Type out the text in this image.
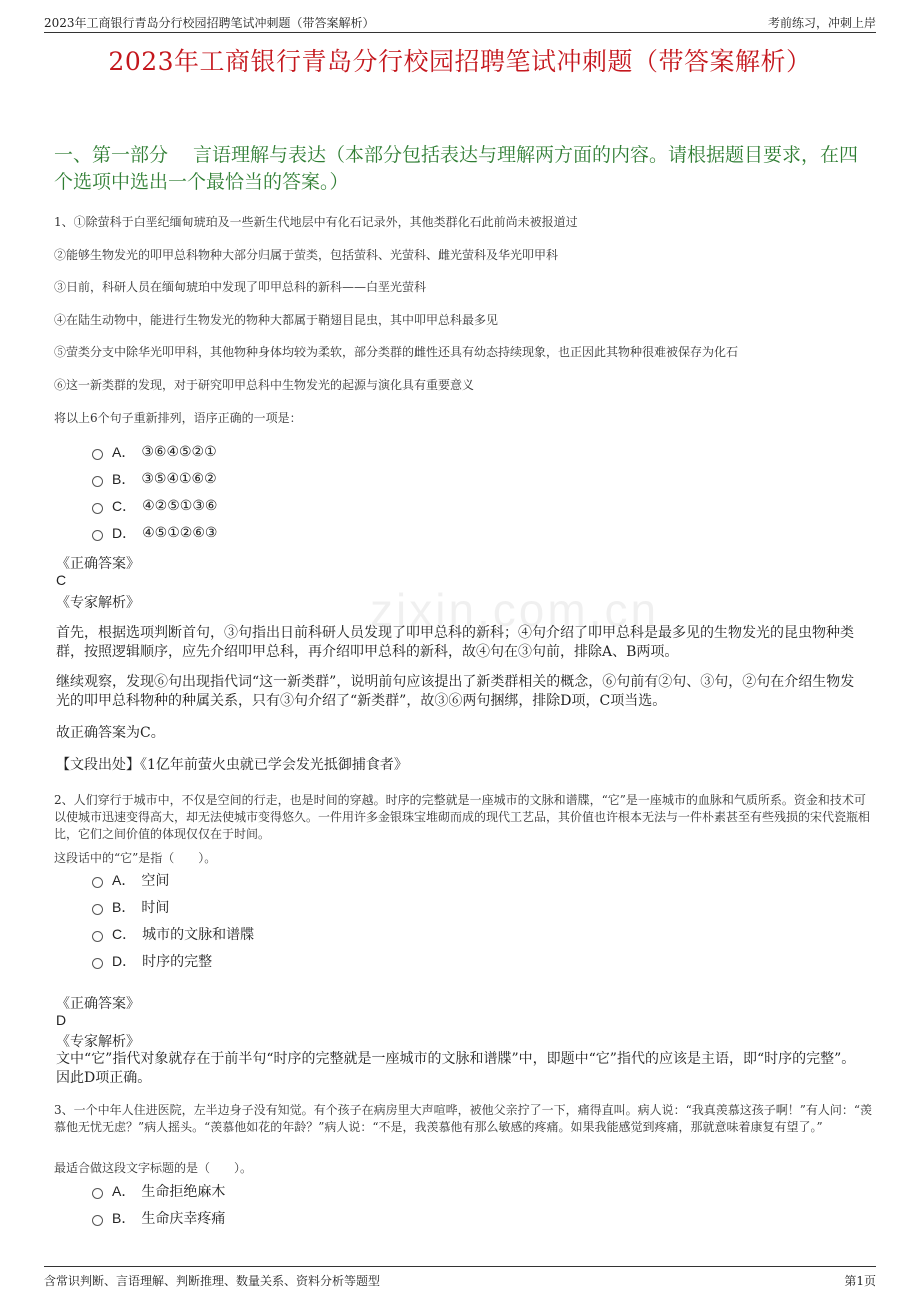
2023年工商银行青岛分行校园招聘笔试冲刺题（带答案解析）	考前练习，冲刺上岸
2023年工商银行青岛分行校园招聘笔试冲刺题（带答案解析）
一、第一部分　 言语理解与表达（本部分包括表达与理解两方面的内容。请根据题目要求，在四个选项中选出一个最恰当的答案。）
zixin.com.cn
1、①除萤科于白垩纪缅甸琥珀及一些新生代地层中有化石记录外，其他类群化石此前尚未被报道过
②能够生物发光的叩甲总科物种大部分归属于萤类，包括萤科、光萤科、雌光萤科及华光叩甲科
③日前，科研人员在缅甸琥珀中发现了叩甲总科的新科——白垩光萤科
④在陆生动物中，能进行生物发光的物种大都属于鞘翅目昆虫，其中叩甲总科最多见
⑤萤类分支中除华光叩甲科，其他物种身体均较为柔软，部分类群的雌性还具有幼态持续现象，也正因此其物种很难被保存为化石
⑥这一新类群的发现，对于研究叩甲总科中生物发光的起源与演化具有重要意义
将以上6个句子重新排列，语序正确的一项是：
A． ③⑥④⑤②①
B． ③⑤④①⑥②
C． ④②⑤①③⑥
D． ④⑤①②⑥③
《正确答案》
C
《专家解析》
首先，根据选项判断首句，③句指出日前科研人员发现了叩甲总科的新科；④句介绍了叩甲总科是最多见的生物发光的昆虫物种类群，按照逻辑顺序，应先介绍叩甲总科，再介绍叩甲总科的新科，故④句在③句前，排除A、B两项。
继续观察，发现⑥句出现指代词“这一新类群”，说明前句应该提出了新类群相关的概念，⑥句前有②句、③句，②句在介绍生物发光的叩甲总科物种的种属关系，只有③句介绍了“新类群”，故③⑥两句捆绑，排除D项，C项当选。
故正确答案为C。
【文段出处】《1亿年前萤火虫就已学会发光抵御捕食者》
2、人们穿行于城市中，不仅是空间的行走，也是时间的穿越。时序的完整就是一座城市的文脉和谱牒，“它”是一座城市的血脉和气质所系。资金和技术可以使城市迅速变得高大，却无法使城市变得悠久。一件用许多金银珠宝堆砌而成的现代工艺品，其价值也许根本无法与一件朴素甚至有些残损的宋代瓷瓶相比，它们之间价值的体现仅仅在于时间。
这段话中的“它”是指（　　）。
A． 空间
B． 时间
C． 城市的文脉和谱牒
D． 时序的完整
《正确答案》
D
《专家解析》
文中“它”指代对象就存在于前半句“时序的完整就是一座城市的文脉和谱牒”中，即题中“它”指代的应该是主语，即“时序的完整”。因此D项正确。
3、一个中年人住进医院，左半边身子没有知觉。有个孩子在病房里大声喧哗，被他父亲拧了一下，痛得直叫。病人说：“我真羡慕这孩子啊！”有人问：“羡慕他无忧无虑？”病人摇头。“羡慕他如花的年龄？”病人说：“不是，我羡慕他有那么敏感的疼痛。如果我能感觉到疼痛，那就意味着康复有望了。”
最适合做这段文字标题的是（　　）。
A． 生命拒绝麻木
B． 生命庆幸疼痛
含常识判断、言语理解、判断推理、数量关系、资料分析等题型	第1页
